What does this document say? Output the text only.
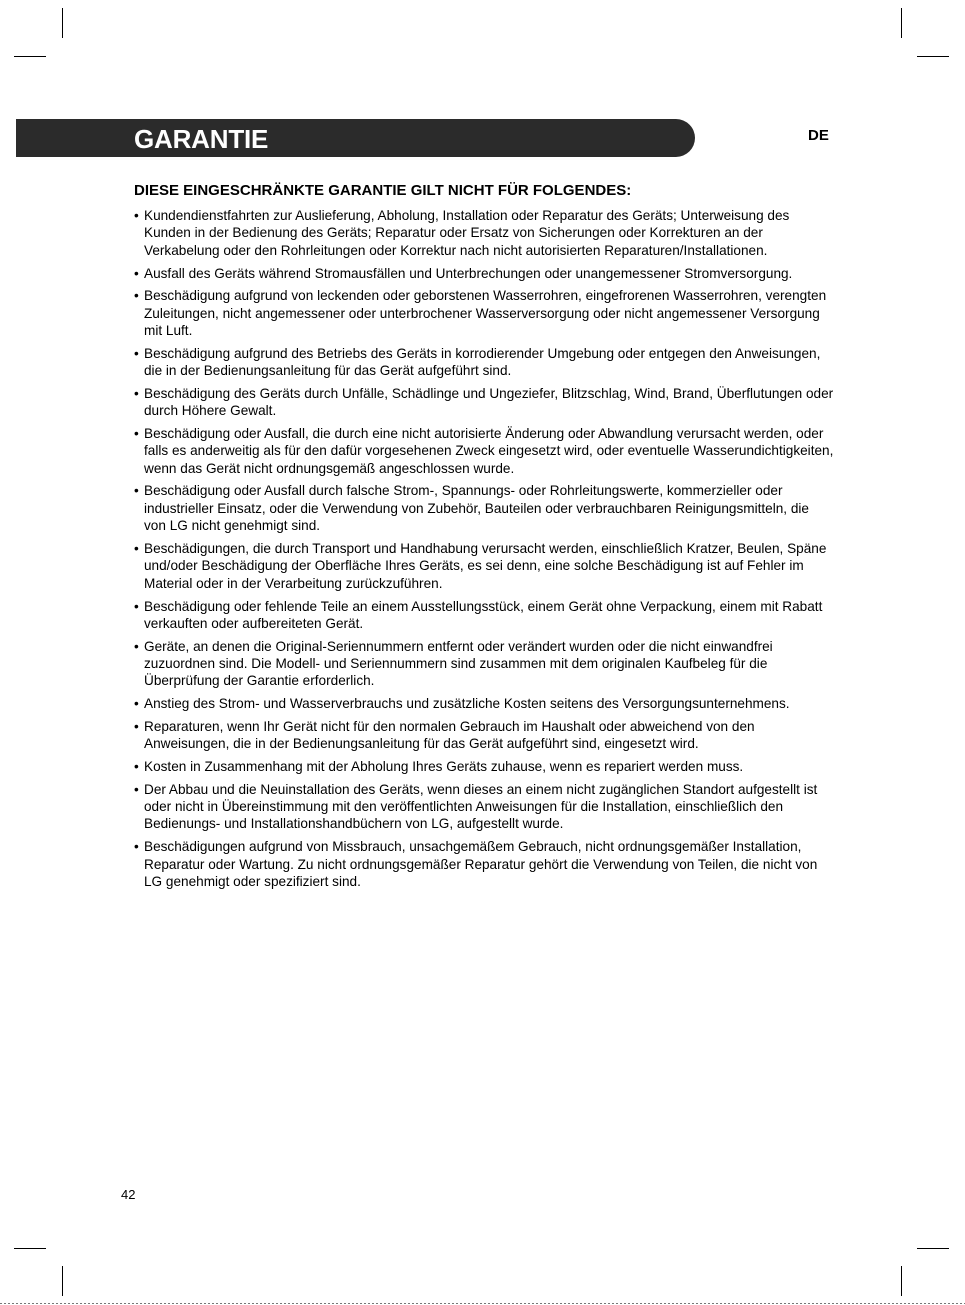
GARANTIE	DE
DIESE EINGESCHRÄNKTE GARANTIE GILT NICHT FÜR FOLGENDES:
• Kundendienstfahrten zur Auslieferung, Abholung, Installation oder Reparatur des Geräts; Unterweisung des Kunden in der Bedienung des Geräts; Reparatur oder Ersatz von Sicherungen oder Korrekturen an der Verkabelung oder den Rohrleitungen oder Korrektur nach nicht autorisierten Reparaturen/Installationen.
• Ausfall des Geräts während Stromausfällen und Unterbrechungen oder unangemessener Stromversorgung.
• Beschädigung aufgrund von leckenden oder geborstenen Wasserrohren, eingefrorenen Wasserrohren, verengten Zuleitungen, nicht angemessener oder unterbrochener Wasserversorgung oder nicht angemessener Versorgung mit Luft.
• Beschädigung aufgrund des Betriebs des Geräts in korrodierender Umgebung oder entgegen den Anweisungen, die in der Bedienungsanleitung für das Gerät aufgeführt sind.
• Beschädigung des Geräts durch Unfälle, Schädlinge und Ungeziefer, Blitzschlag, Wind, Brand, Überflutungen oder durch Höhere Gewalt.
• Beschädigung oder Ausfall, die durch eine nicht autorisierte Änderung oder Abwandlung verursacht werden, oder falls es anderweitig als für den dafür vorgesehenen Zweck eingesetzt wird, oder eventuelle Wasserundichtigkeiten, wenn das Gerät nicht ordnungsgemäß angeschlossen wurde.
• Beschädigung oder Ausfall durch falsche Strom-, Spannungs- oder Rohrleitungswerte, kommerzieller oder industrieller Einsatz, oder die Verwendung von Zubehör, Bauteilen oder verbrauchbaren Reinigungsmitteln, die von LG nicht genehmigt sind.
• Beschädigungen, die durch Transport und Handhabung verursacht werden, einschließlich Kratzer, Beulen, Späne und/oder Beschädigung der Oberfläche Ihres Geräts, es sei denn, eine solche Beschädigung ist auf Fehler im Material oder in der Verarbeitung zurückzuführen.
• Beschädigung oder fehlende Teile an einem Ausstellungsstück, einem Gerät ohne Verpackung, einem mit Rabatt verkauften oder aufbereiteten Gerät.
• Geräte, an denen die Original-Seriennummern entfernt oder verändert wurden oder die nicht einwandfrei zuzuordnen sind. Die Modell- und Seriennummern sind zusammen mit dem originalen Kaufbeleg für die Überprüfung der Garantie erforderlich.
• Anstieg des Strom- und Wasserverbrauchs und zusätzliche Kosten seitens des Versorgungsunternehmens.
• Reparaturen, wenn Ihr Gerät nicht für den normalen Gebrauch im Haushalt oder abweichend von den Anweisungen, die in der Bedienungsanleitung für das Gerät aufgeführt sind, eingesetzt wird.
• Kosten in Zusammenhang mit der Abholung Ihres Geräts zuhause, wenn es repariert werden muss.
• Der Abbau und die Neuinstallation des Geräts, wenn dieses an einem nicht zugänglichen Standort aufgestellt ist oder nicht in Übereinstimmung mit den veröffentlichten Anweisungen für die Installation, einschließlich den Bedienungs- und Installationshandbüchern von LG, aufgestellt wurde.
• Beschädigungen aufgrund von Missbrauch, unsachgemäßem Gebrauch, nicht ordnungsgemäßer Installation, Reparatur oder Wartung. Zu nicht ordnungsgemäßer Reparatur gehört die Verwendung von Teilen, die nicht von LG genehmigt oder spezifiziert sind.
42
